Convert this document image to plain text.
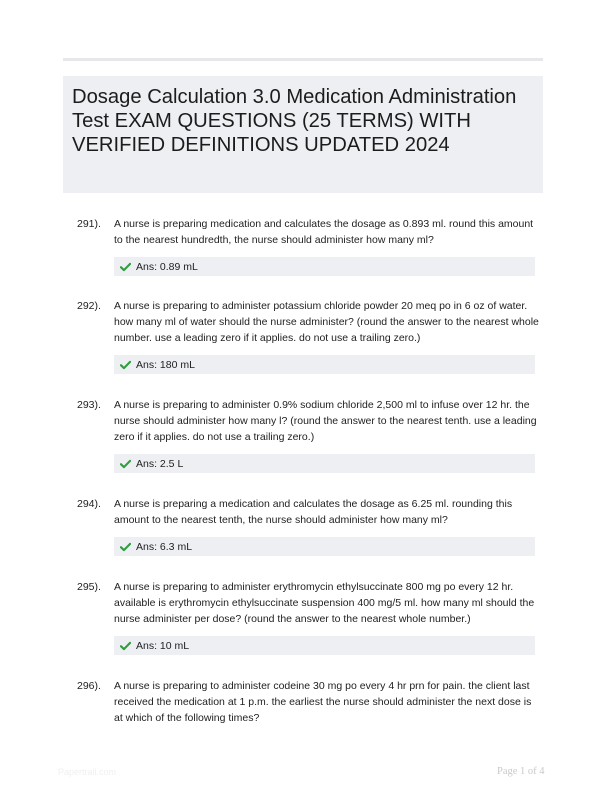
Dosage Calculation 3.0 Medication Administration Test EXAM QUESTIONS (25 TERMS) WITH VERIFIED DEFINITIONS UPDATED 2024
291). A nurse is preparing medication and calculates the dosage as 0.893 ml. round this amount to the nearest hundredth, the nurse should administer how many ml?

Ans: 0.89 mL
292). A nurse is preparing to administer potassium chloride powder 20 meq po in 6 oz of water. how many ml of water should the nurse administer? (round the answer to the nearest whole number. use a leading zero if it applies. do not use a trailing zero.)

Ans: 180 mL
293). A nurse is preparing to administer 0.9% sodium chloride 2,500 ml to infuse over 12 hr. the nurse should administer how many l? (round the answer to the nearest tenth. use a leading zero if it applies. do not use a trailing zero.)

Ans: 2.5 L
294). A nurse is preparing a medication and calculates the dosage as 6.25 ml. rounding this amount to the nearest tenth, the nurse should administer how many ml?

Ans: 6.3 mL
295). A nurse is preparing to administer erythromycin ethylsuccinate 800 mg po every 12 hr. available is erythromycin ethylsuccinate suspension 400 mg/5 ml. how many ml should the nurse administer per dose? (round the answer to the nearest whole number.)

Ans: 10 mL
296). A nurse is preparing to administer codeine 30 mg po every 4 hr prn for pain. the client last received the medication at 1 p.m. the earliest the nurse should administer the next dose is at which of the following times?

Papertrail.com	Page 1 of 4
